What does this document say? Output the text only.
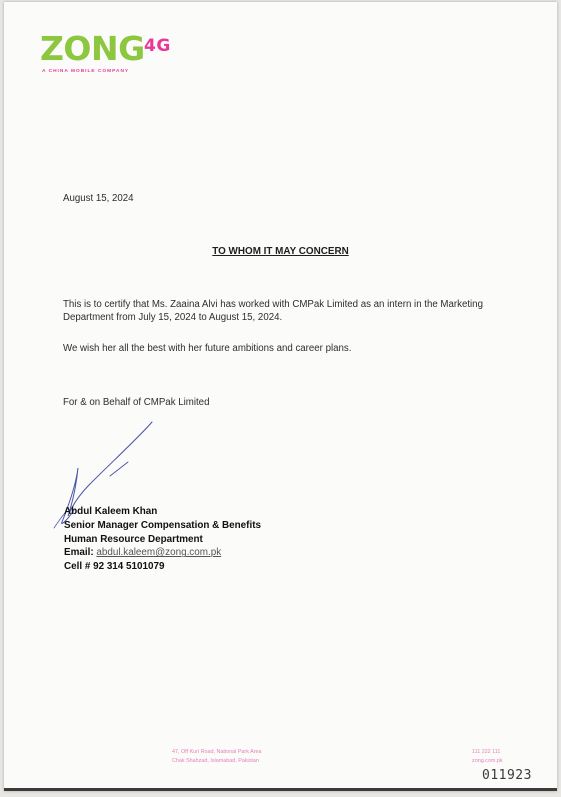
ZONG 4G
A CHINA MOBILE COMPANY
August 15, 2024
TO WHOM IT MAY CONCERN
This is to certify that Ms. Zaaina Alvi has worked with CMPak Limited as an intern in the Marketing Department from July 15, 2024 to August 15, 2024.
We wish her all the best with her future ambitions and career plans.
For & on Behalf of CMPak Limited
Abdul Kaleem Khan
Senior Manager Compensation & Benefits
Human Resource Department
Email: abdul.kaleem@zong.com.pk
Cell # 92 314 5101079
47, Off Kuri Road, National Park Area
Chak Shahzad, Islamabad, Pakistan
111 222 111
zong.com.pk
011923
